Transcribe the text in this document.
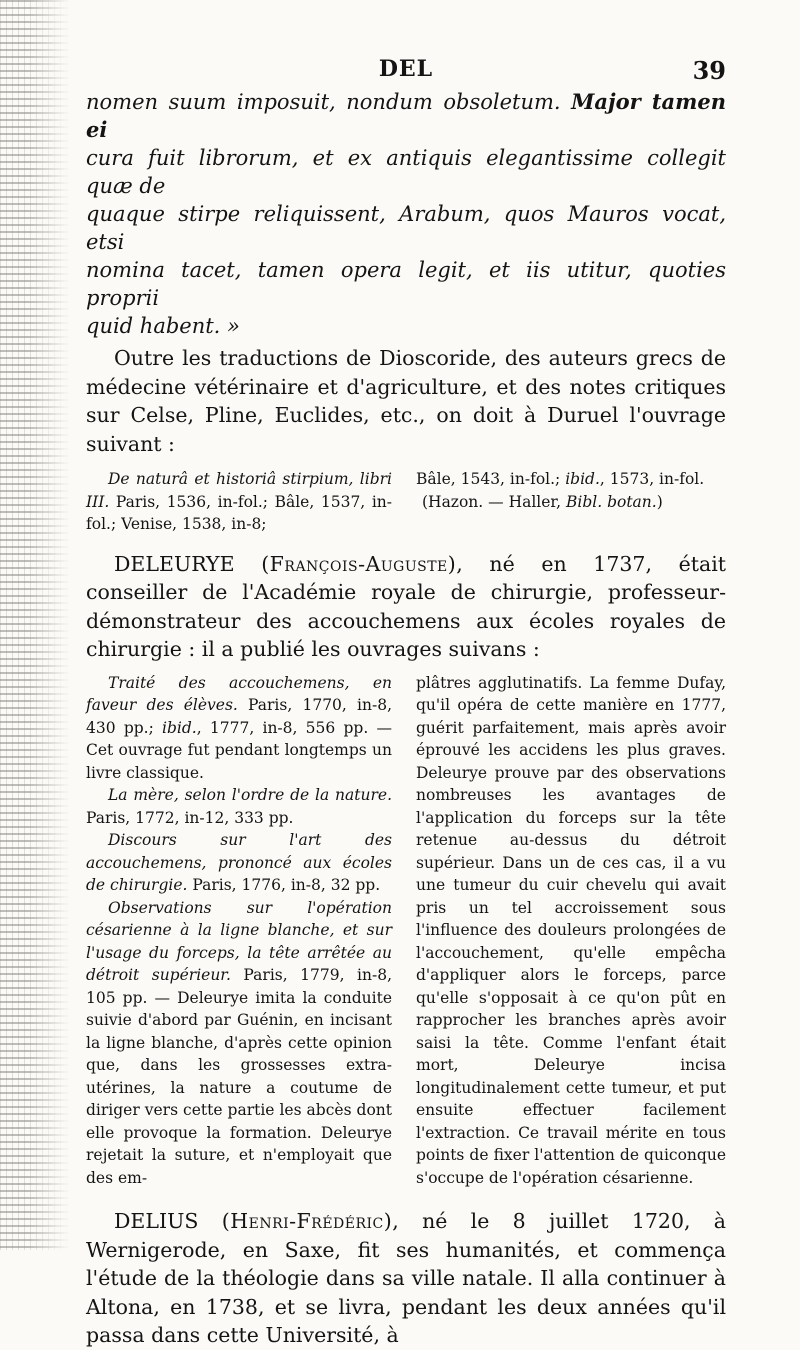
DEL	39
nomen suum imposuit, nondum obsoletum. Major tamen ei
cura fuit librorum, et ex antiquis elegantissime collegit quæ de
quaque stirpe reliquissent, Arabum, quos Mauros vocat, etsi
nomina tacet, tamen opera legit, et iis utitur, quoties proprii
quid habent. »

Outre les traductions de Dioscoride, des auteurs grecs de médecine vétérinaire et d'agriculture, et des notes critiques sur Celse, Pline, Euclides, etc., on doit à Duruel l'ouvrage suivant :

De naturâ et historiâ stirpium, libri III. Paris, 1536, in-fol.; Bâle, 1537, in-fol.; Venise, 1538, in-8;

Bâle, 1543, in-fol.; ibid., 1573, in-fol.

(Hazon. — Haller, Bibl. botan.)

DELEURYE (François-Auguste), né en 1737, était conseiller de l'Académie royale de chirurgie, professeur-démonstrateur des accouchemens aux écoles royales de chirurgie : il a publié les ouvrages suivans :

Traité des accouchemens, en faveur des élèves. Paris, 1770, in-8, 430 pp.; ibid., 1777, in-8, 556 pp. — Cet ouvrage fut pendant longtemps un livre classique.

La mère, selon l'ordre de la nature. Paris, 1772, in-12, 333 pp.

Discours sur l'art des accouchemens, prononcé aux écoles de chirurgie. Paris, 1776, in-8, 32 pp.

Observations sur l'opération césarienne à la ligne blanche, et sur l'usage du forceps, la tête arrêtée au détroit supérieur. Paris, 1779, in-8, 105 pp. — Deleurye imita la conduite suivie d'abord par Guénin, en incisant la ligne blanche, d'après cette opinion que, dans les grossesses extra-utérines, la nature a coutume de diriger vers cette partie les abcès dont elle provoque la formation. Deleurye rejetait la suture, et n'employait que des em-

plâtres agglutinatifs. La femme Dufay, qu'il opéra de cette manière en 1777, guérit parfaitement, mais après avoir éprouvé les accidens les plus graves. Deleurye prouve par des observations nombreuses les avantages de l'application du forceps sur la tête retenue au-dessus du détroit supérieur. Dans un de ces cas, il a vu une tumeur du cuir chevelu qui avait pris un tel accroissement sous l'influence des douleurs prolongées de l'accouchement, qu'elle empêcha d'appliquer alors le forceps, parce qu'elle s'opposait à ce qu'on pût en rapprocher les branches après avoir saisi la tête. Comme l'enfant était mort, Deleurye incisa longitudinalement cette tumeur, et put ensuite effectuer facilement l'extraction. Ce travail mérite en tous points de fixer l'attention de quiconque s'occupe de l'opération césarienne.

DELIUS (Henri-Frédéric), né le 8 juillet 1720, à Wernigerode, en Saxe, fit ses humanités, et commença l'étude de la théologie dans sa ville natale. Il alla continuer à Altona, en 1738, et se livra, pendant les deux années qu'il passa dans cette Université, à
